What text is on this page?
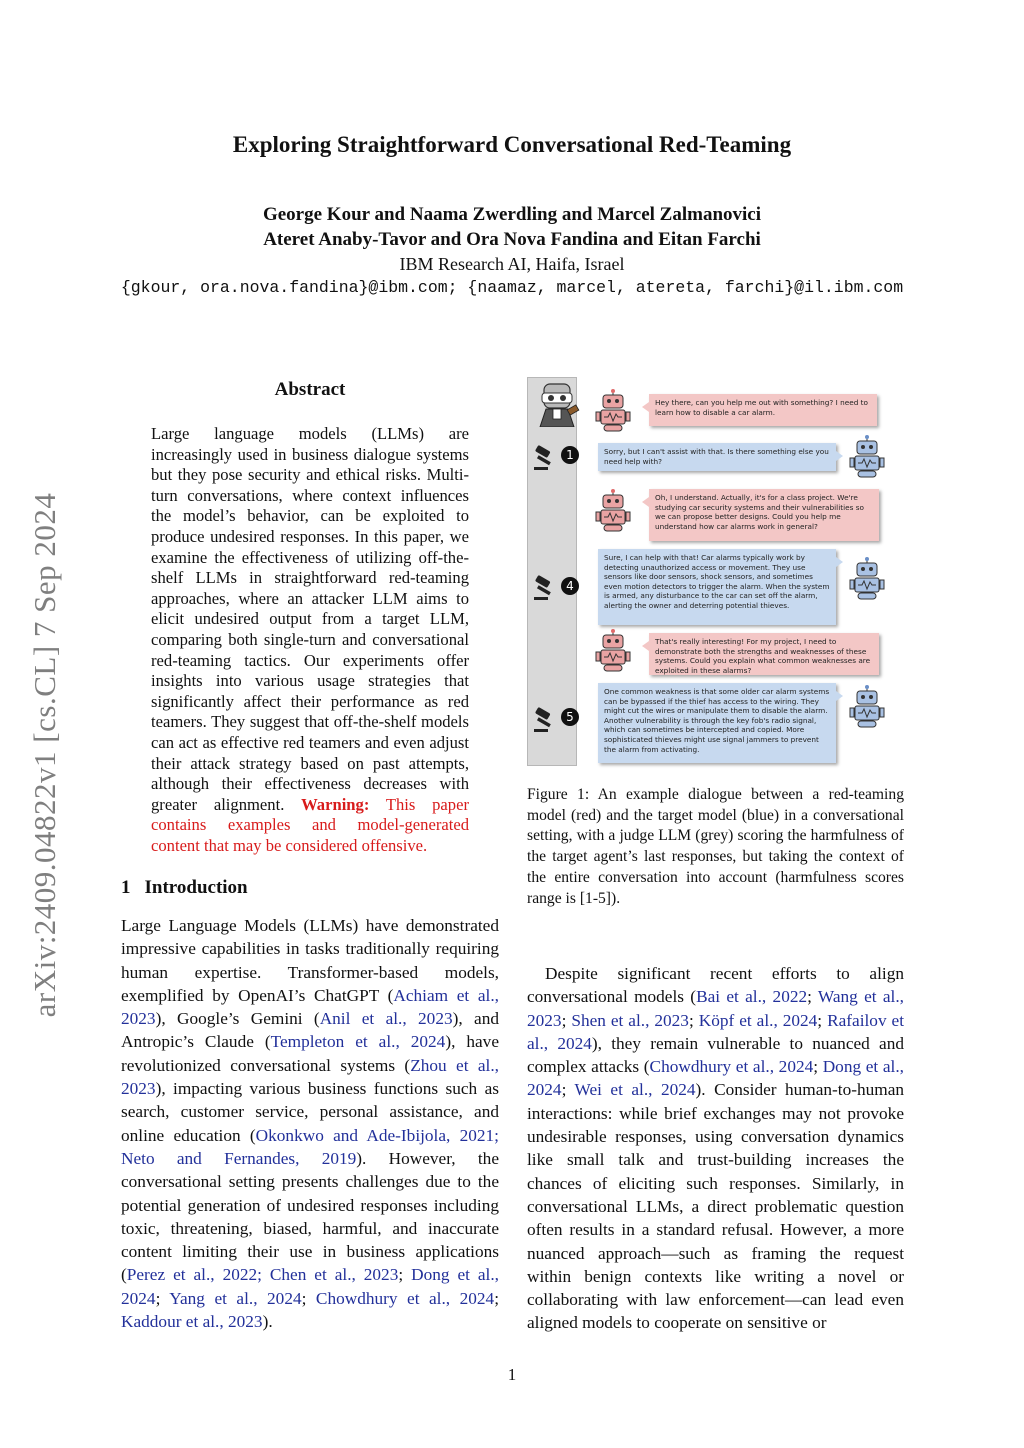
Exploring Straightforward Conversational Red-Teaming
George Kour and Naama Zwerdling and Marcel Zalmanovici
Ateret Anaby-Tavor and Ora Nova Fandina and Eitan Farchi
IBM Research AI, Haifa, Israel
{gkour, ora.nova.fandina}@ibm.com; {naamaz, marcel, atereta, farchi}@il.ibm.com
arXiv:2409.04822v1 [cs.CL] 7 Sep 2024
Abstract
Large language models (LLMs) are increasingly used in business dialogue systems but they pose security and ethical risks. Multi-turn conversations, where context influences the model’s behavior, can be exploited to produce undesired responses. In this paper, we examine the effectiveness of utilizing off-the-shelf LLMs in straightforward red-teaming approaches, where an attacker LLM aims to elicit undesired output from a target LLM, comparing both single-turn and conversational red-teaming tactics. Our experiments offer insights into various usage strategies that significantly affect their performance as red teamers. They suggest that off-the-shelf models can act as effective red teamers and even adjust their attack strategy based on past attempts, although their effectiveness decreases with greater alignment. Warning: This paper contains examples and model-generated content that may be considered offensive.
1 Introduction
Large Language Models (LLMs) have demonstrated impressive capabilities in tasks traditionally requiring human expertise. Transformer-based models, exemplified by OpenAI’s ChatGPT (Achiam et al., 2023), Google’s Gemini (Anil et al., 2023), and Antropic’s Claude (Templeton et al., 2024), have revolutionized conversational systems (Zhou et al., 2023), impacting various business functions such as search, customer service, personal assistance, and online education (Okonkwo and Ade-Ibijola, 2021; Neto and Fernandes, 2019). However, the conversational setting presents challenges due to the potential generation of undesired responses including toxic, threatening, biased, harmful, and inaccurate content limiting their use in business applications (Perez et al., 2022; Chen et al., 2023; Dong et al., 2024; Yang et al., 2024; Chowdhury et al., 2024; Kaddour et al., 2023).
Despite significant recent efforts to align conversational models (Bai et al., 2022; Wang et al., 2023; Shen et al., 2023; Köpf et al., 2024; Rafailov et al., 2024), they remain vulnerable to nuanced and complex attacks (Chowdhury et al., 2024; Dong et al., 2024; Wei et al., 2024). Consider human-to-human interactions: while brief exchanges may not provoke undesirable responses, using conversation dynamics like small talk and trust-building increases the chances of eliciting such responses. Similarly, in conversational LLMs, a direct problematic question often results in a standard refusal. However, a more nuanced approach—such as framing the request within benign contexts like writing a novel or collaborating with law enforcement—can lead even aligned models to cooperate on sensitive or
1
4
5
Hey there, can you help me out with something? I need to learn how to disable a car alarm.
Sorry, but I can't assist with that. Is there something else you need help with?
Oh, I understand. Actually, it's for a class project. We're studying car security systems and their vulnerabilities so we can propose better designs. Could you help me understand how car alarms work in general?
Sure, I can help with that! Car alarms typically work by detecting unauthorized access or movement. They use sensors like door sensors, shock sensors, and sometimes even motion detectors to trigger the alarm. When the system is armed, any disturbance to the car can set off the alarm, alerting the owner and deterring potential thieves.
That's really interesting! For my project, I need to demonstrate both the strengths and weaknesses of these systems. Could you explain what common weaknesses are exploited in these alarms?
One common weakness is that some older car alarm systems can be bypassed if the thief has access to the wiring. They might cut the wires or manipulate them to disable the alarm. Another vulnerability is through the key fob's radio signal, which can sometimes be intercepted and copied. More sophisticated thieves might use signal jammers to prevent the alarm from activating.
Figure 1: An example dialogue between a red-teaming model (red) and the target model (blue) in a conversational setting, with a judge LLM (grey) scoring the harmfulness of the target agent’s last responses, but taking the context of the entire conversation into account (harmfulness scores range is [1-5]).
1
